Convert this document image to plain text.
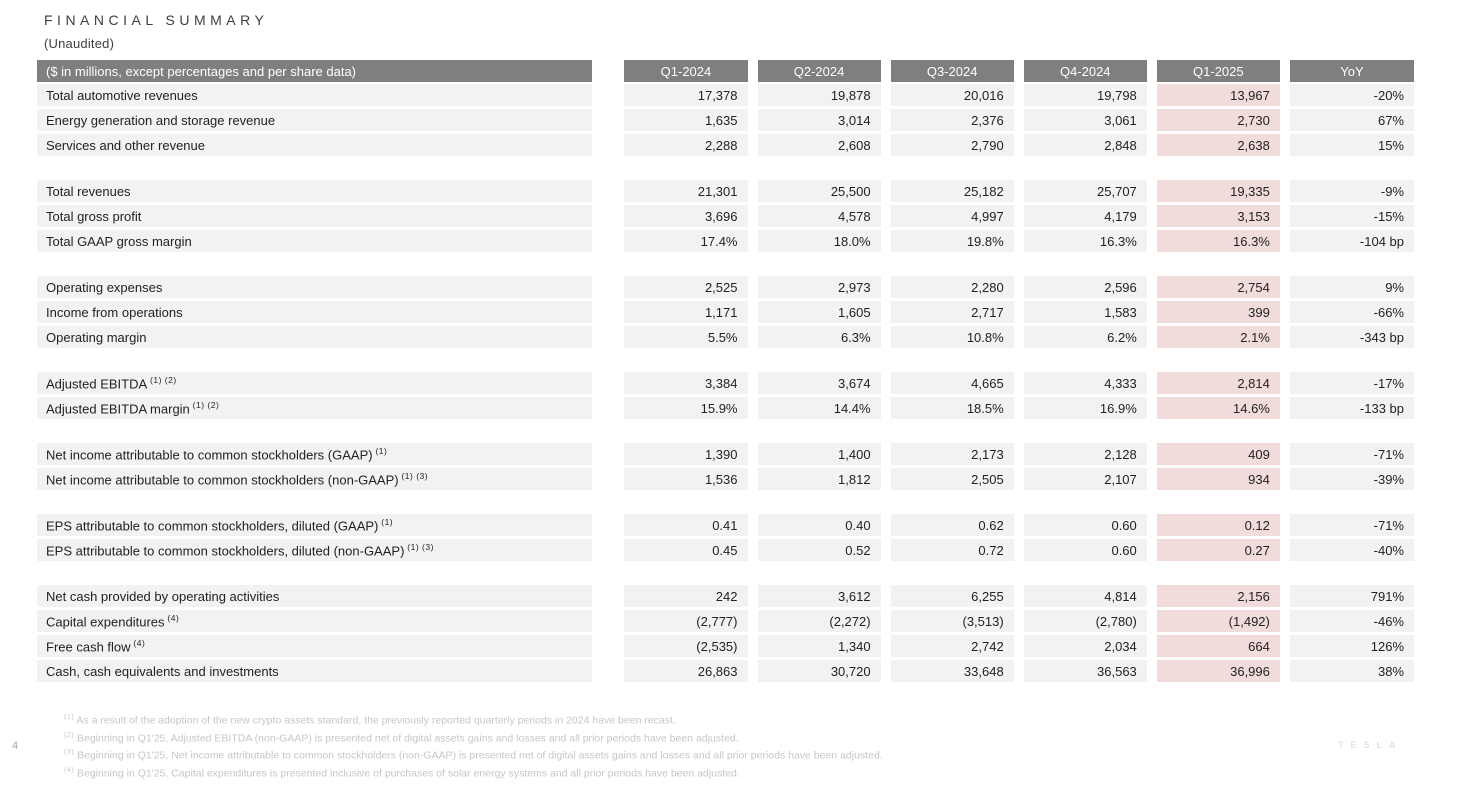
FINANCIAL SUMMARY
(Unaudited)
($ in millions, except percentages and per share data)	Q1-2024	Q2-2024	Q3-2024	Q4-2024	Q1-2025	YoY
Total automotive revenues	17,378	19,878	20,016	19,798	13,967	-20%
Energy generation and storage revenue	1,635	3,014	2,376	3,061	2,730	67%
Services and other revenue	2,288	2,608	2,790	2,848	2,638	15%

Total revenues	21,301	25,500	25,182	25,707	19,335	-9%
Total gross profit	3,696	4,578	4,997	4,179	3,153	-15%
Total GAAP gross margin	17.4%	18.0%	19.8%	16.3%	16.3%	-104 bp

Operating expenses	2,525	2,973	2,280	2,596	2,754	9%
Income from operations	1,171	1,605	2,717	1,583	399	-66%
Operating margin	5.5%	6.3%	10.8%	6.2%	2.1%	-343 bp

Adjusted EBITDA $^{(1) (2)}$	3,384	3,674	4,665	4,333	2,814	-17%
Adjusted EBITDA margin $^{(1) (2)}$	15.9%	14.4%	18.5%	16.9%	14.6%	-133 bp

Net income attributable to common stockholders (GAAP) $^{(1)}$	1,390	1,400	2,173	2,128	409	-71%
Net income attributable to common stockholders (non-GAAP) $^{(1) (3)}$	1,536	1,812	2,505	2,107	934	-39%

EPS attributable to common stockholders, diluted (GAAP) $^{(1)}$	0.41	0.40	0.62	0.60	0.12	-71%
EPS attributable to common stockholders, diluted (non-GAAP) $^{(1) (3)}$	0.45	0.52	0.72	0.60	0.27	-40%

Net cash provided by operating activities	242	3,612	6,255	4,814	2,156	791%
Capital expenditures $^{(4)}$	(2,777)	(2,272)	(3,513)	(2,780)	(1,492)	-46%
Free cash flow $^{(4)}$	(2,535)	1,340	2,742	2,034	664	126%
Cash, cash equivalents and investments	26,863	30,720	33,648	36,563	36,996	38%
$^{(1)}$ As a result of the adoption of the new crypto assets standard, the previously reported quarterly periods in 2024 have been recast.
$^{(2)}$ Beginning in Q1'25, Adjusted EBITDA (non-GAAP) is presented net of digital assets gains and losses and all prior periods have been adjusted.
$^{(3)}$ Beginning in Q1'25, Net income attributable to common stockholders (non-GAAP) is presented net of digital assets gains and losses and all prior periods have been adjusted.
$^{(4)}$ Beginning in Q1'25, Capital expenditures is presented inclusive of purchases of solar energy systems and all prior periods have been adjusted.
4	TESLA
